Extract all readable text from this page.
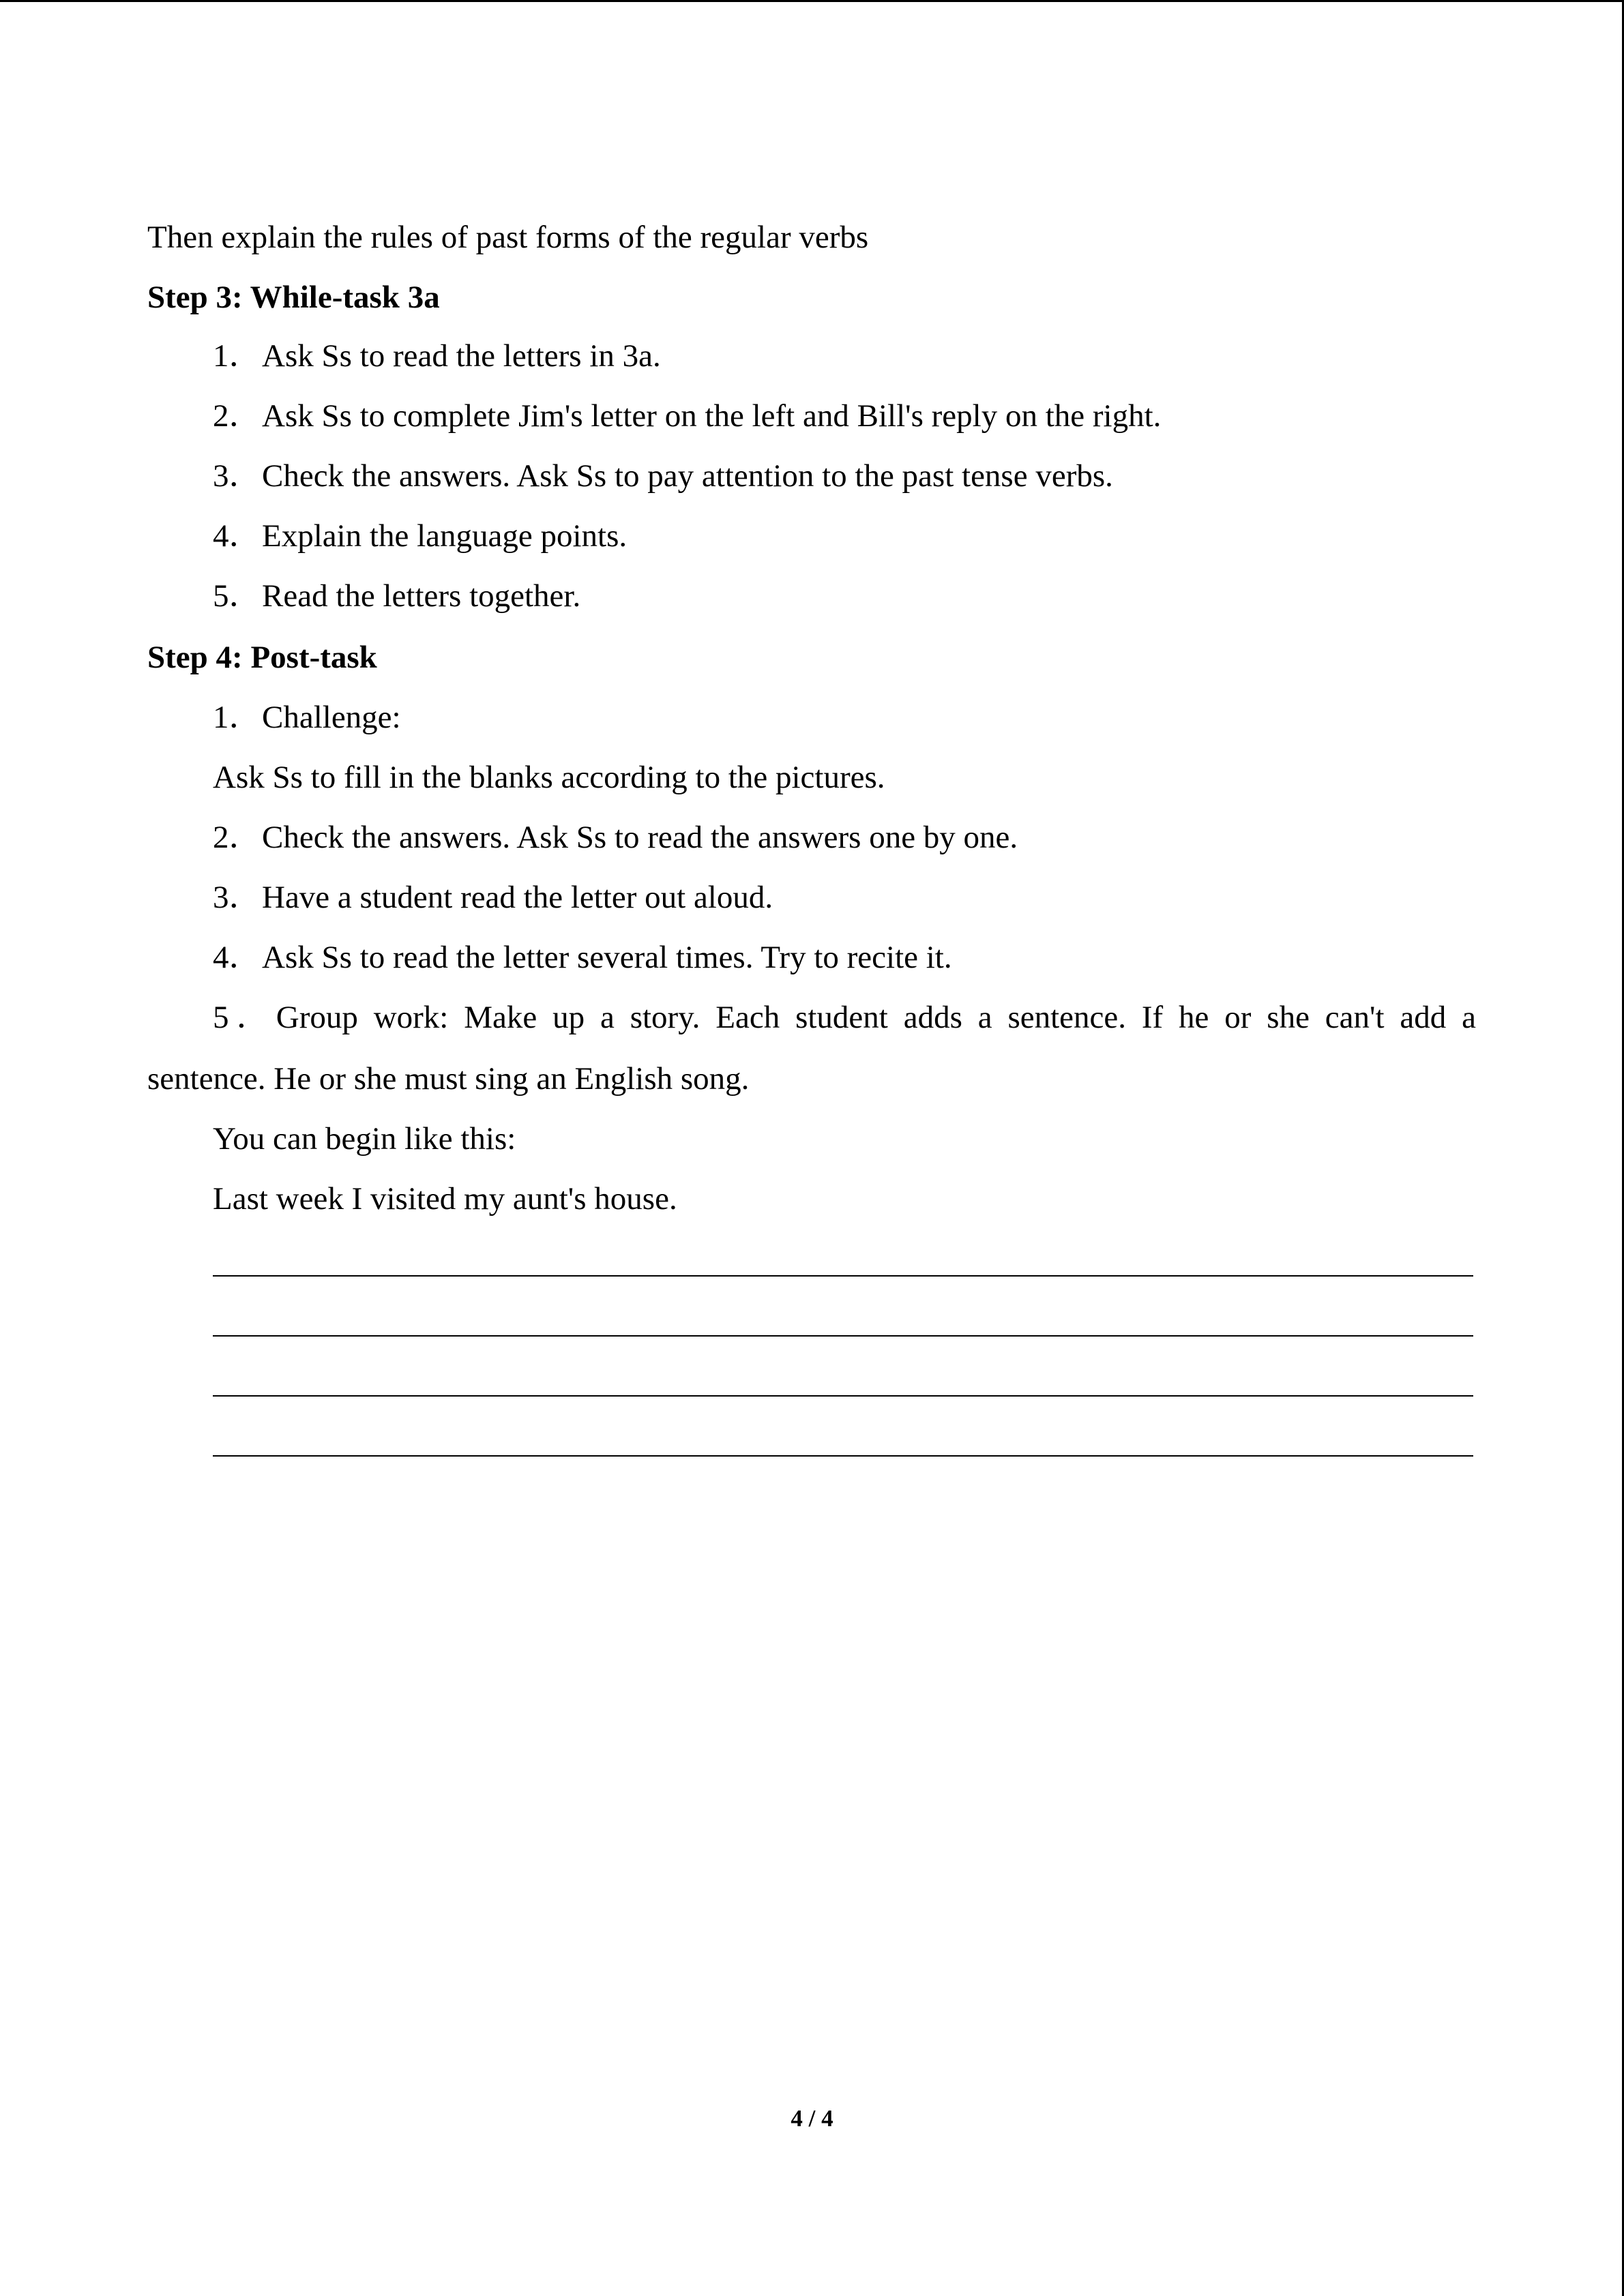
Then explain the rules of past forms of the regular verbs
Step 3: While-task 3a
1．Ask Ss to read the letters in 3a.
2．Ask Ss to complete Jim's letter on the left and Bill's reply on the right.
3．Check the answers. Ask Ss to pay attention to the past tense verbs.
4．Explain the language points.
5．Read the letters together.
Step 4: Post-task
1．Challenge:
Ask Ss to fill in the blanks according to the pictures.
2．Check the answers. Ask Ss to read the answers one by one.
3．Have a student read the letter out aloud.
4．Ask Ss to read the letter several times. Try to recite it.
5．Group work: Make up a story. Each student adds a sentence. If he or she can't add a
sentence. He or she must sing an English song.
You can begin like this:
Last week I visited my aunt's house.
4 / 4
